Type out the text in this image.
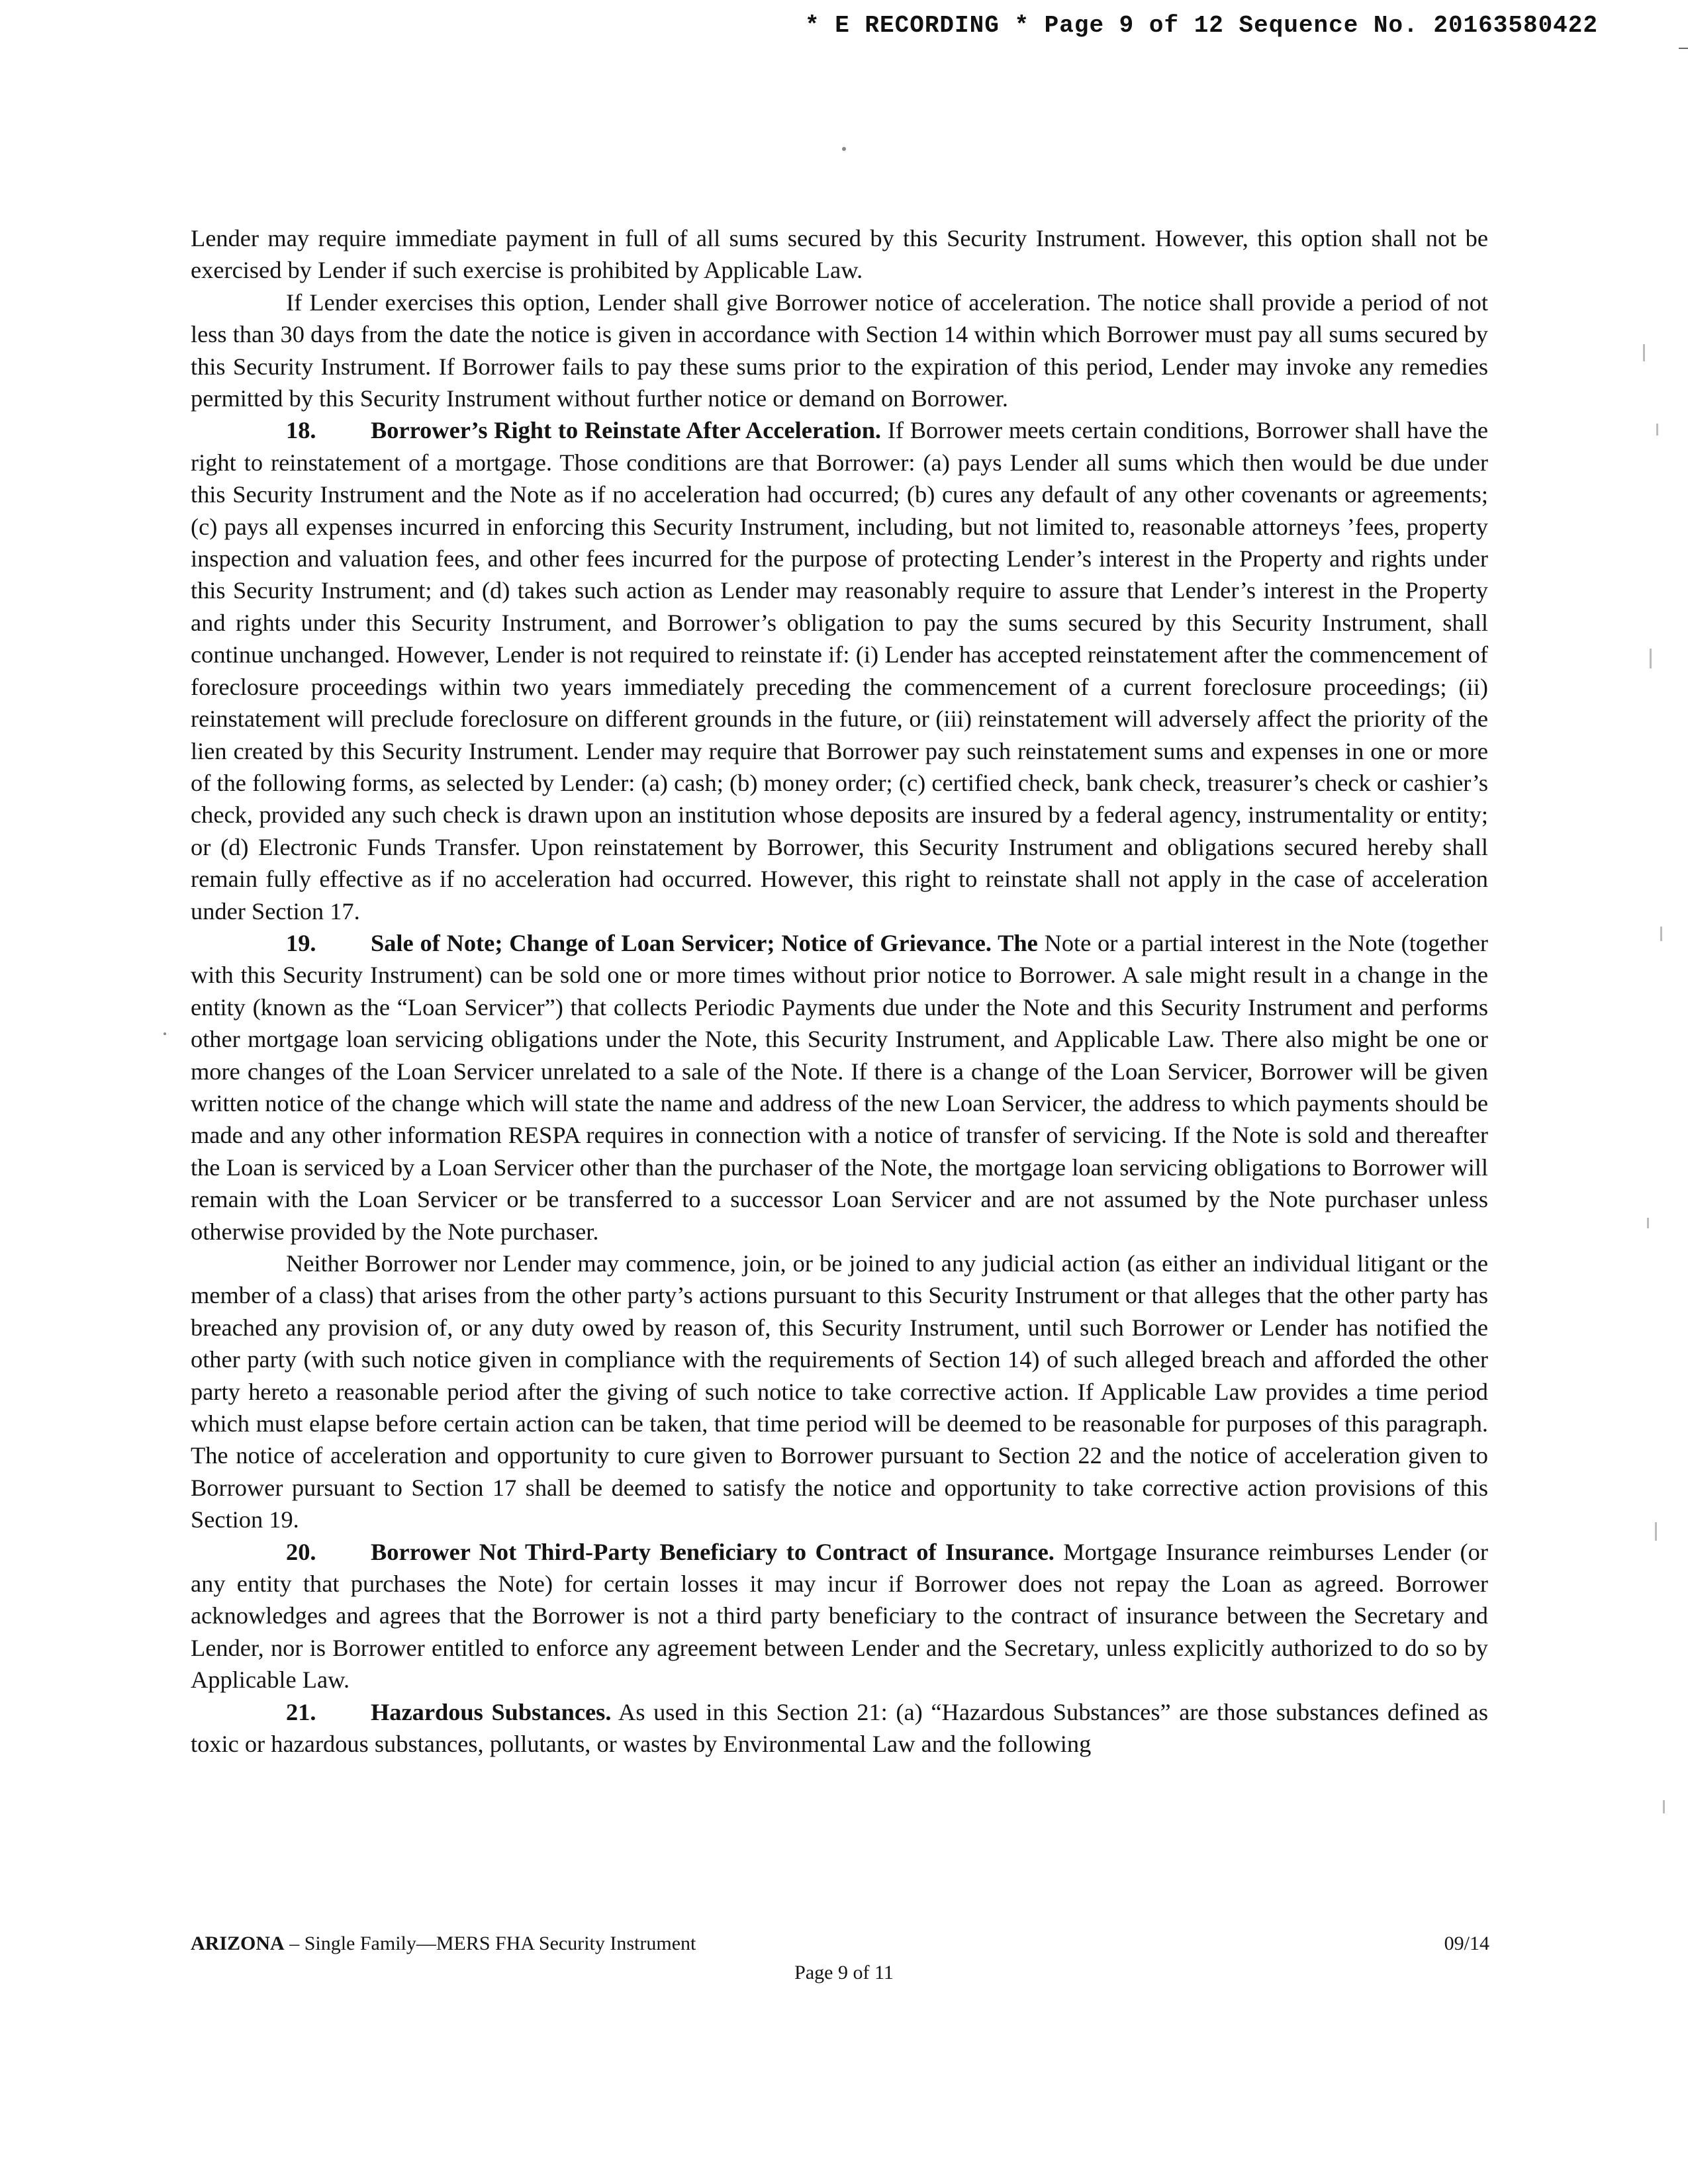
* E RECORDING * Page 9 of 12 Sequence No. 20163580422

Lender may require immediate payment in full of all sums secured by this Security Instrument. However, this option shall not be exercised by Lender if such exercise is prohibited by Applicable Law.

If Lender exercises this option, Lender shall give Borrower notice of acceleration. The notice shall provide a period of not less than 30 days from the date the notice is given in accordance with Section 14 within which Borrower must pay all sums secured by this Security Instrument. If Borrower fails to pay these sums prior to the expiration of this period, Lender may invoke any remedies permitted by this Security Instrument without further notice or demand on Borrower.

18. Borrower’s Right to Reinstate After Acceleration. If Borrower meets certain conditions, Borrower shall have the right to reinstatement of a mortgage. Those conditions are that Borrower: (a) pays Lender all sums which then would be due under this Security Instrument and the Note as if no acceleration had occurred; (b) cures any default of any other covenants or agreements; (c) pays all expenses incurred in enforcing this Security Instrument, including, but not limited to, reasonable attorneys ’fees, property inspection and valuation fees, and other fees incurred for the purpose of protecting Lender’s interest in the Property and rights under this Security Instrument; and (d) takes such action as Lender may reasonably require to assure that Lender’s interest in the Property and rights under this Security Instrument, and Borrower’s obligation to pay the sums secured by this Security Instrument, shall continue unchanged. However, Lender is not required to reinstate if: (i) Lender has accepted reinstatement after the commencement of foreclosure proceedings within two years immediately preceding the commencement of a current foreclosure proceedings; (ii) reinstatement will preclude foreclosure on different grounds in the future, or (iii) reinstatement will adversely affect the priority of the lien created by this Security Instrument. Lender may require that Borrower pay such reinstatement sums and expenses in one or more of the following forms, as selected by Lender: (a) cash; (b) money order; (c) certified check, bank check, treasurer’s check or cashier’s check, provided any such check is drawn upon an institution whose deposits are insured by a federal agency, instrumentality or entity; or (d) Electronic Funds Transfer. Upon reinstatement by Borrower, this Security Instrument and obligations secured hereby shall remain fully effective as if no acceleration had occurred. However, this right to reinstate shall not apply in the case of acceleration under Section 17.

19. Sale of Note; Change of Loan Servicer; Notice of Grievance. The Note or a partial interest in the Note (together with this Security Instrument) can be sold one or more times without prior notice to Borrower. A sale might result in a change in the entity (known as the “Loan Servicer”) that collects Periodic Payments due under the Note and this Security Instrument and performs other mortgage loan servicing obligations under the Note, this Security Instrument, and Applicable Law. There also might be one or more changes of the Loan Servicer unrelated to a sale of the Note. If there is a change of the Loan Servicer, Borrower will be given written notice of the change which will state the name and address of the new Loan Servicer, the address to which payments should be made and any other information RESPA requires in connection with a notice of transfer of servicing. If the Note is sold and thereafter the Loan is serviced by a Loan Servicer other than the purchaser of the Note, the mortgage loan servicing obligations to Borrower will remain with the Loan Servicer or be transferred to a successor Loan Servicer and are not assumed by the Note purchaser unless otherwise provided by the Note purchaser.

Neither Borrower nor Lender may commence, join, or be joined to any judicial action (as either an individual litigant or the member of a class) that arises from the other party’s actions pursuant to this Security Instrument or that alleges that the other party has breached any provision of, or any duty owed by reason of, this Security Instrument, until such Borrower or Lender has notified the other party (with such notice given in compliance with the requirements of Section 14) of such alleged breach and afforded the other party hereto a reasonable period after the giving of such notice to take corrective action. If Applicable Law provides a time period which must elapse before certain action can be taken, that time period will be deemed to be reasonable for purposes of this paragraph. The notice of acceleration and opportunity to cure given to Borrower pursuant to Section 22 and the notice of acceleration given to Borrower pursuant to Section 17 shall be deemed to satisfy the notice and opportunity to take corrective action provisions of this Section 19.

20. Borrower Not Third-Party Beneficiary to Contract of Insurance. Mortgage Insurance reimburses Lender (or any entity that purchases the Note) for certain losses it may incur if Borrower does not repay the Loan as agreed. Borrower acknowledges and agrees that the Borrower is not a third party beneficiary to the contract of insurance between the Secretary and Lender, nor is Borrower entitled to enforce any agreement between Lender and the Secretary, unless explicitly authorized to do so by Applicable Law.

21. Hazardous Substances. As used in this Section 21: (a) “Hazardous Substances” are those substances defined as toxic or hazardous substances, pollutants, or wastes by Environmental Law and the following

ARIZONA – Single Family—MERS FHA Security Instrument	09/14
Page 9 of 11
